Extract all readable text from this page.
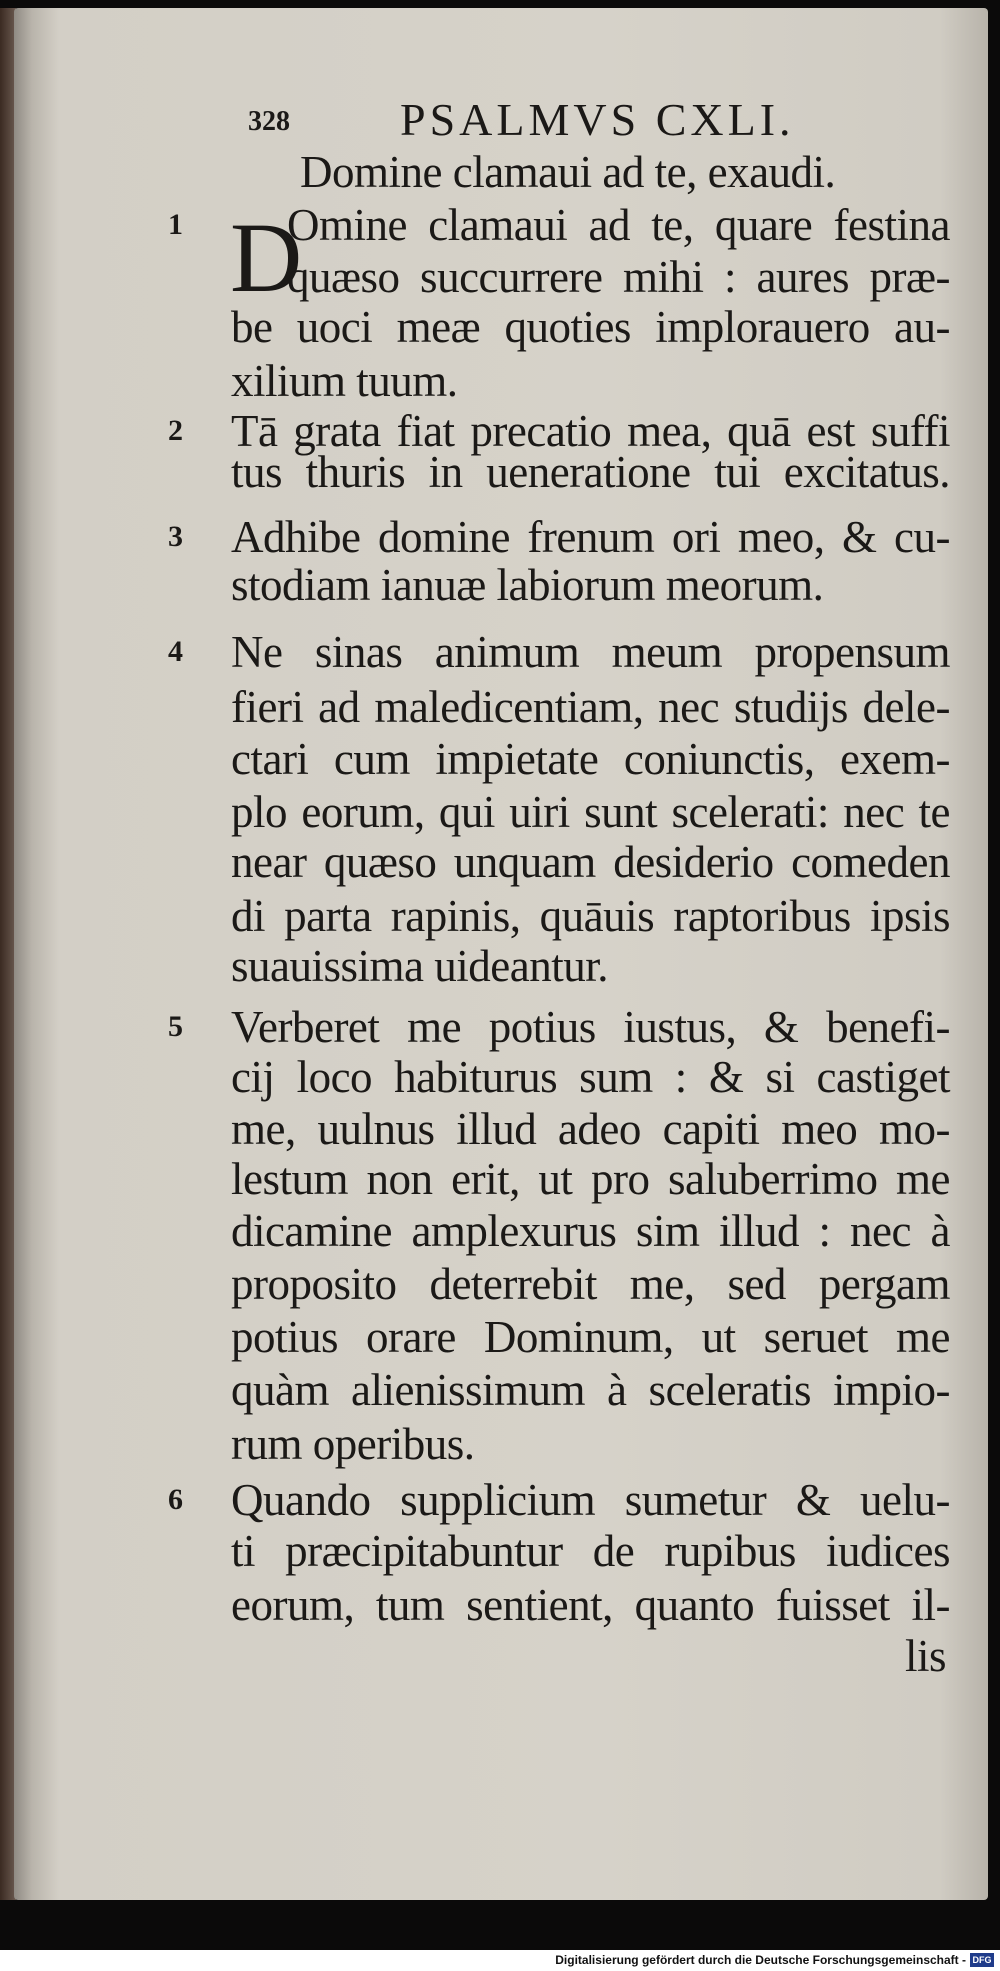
328 PSALMVS CXLI.
Domine clamaui ad te, exaudi.
D
1
2
3
4
5
6
Omine clamaui ad te, quare festina
quæso succurrere mihi : aures præ-
be uoci meæ quoties implorauero au-
xilium tuum.
Tā grata fiat precatio mea, quā est suffi
tus thuris in ueneratione tui excitatus.
Adhibe domine frenum ori meo, & cu-
stodiam ianuæ labiorum meorum.
Ne sinas animum meum propensum
fieri ad maledicentiam, nec studijs dele-
ctari cum impietate coniunctis, exem-
plo eorum, qui uiri sunt scelerati: nec te
near quæso unquam desiderio comeden
di parta rapinis, quāuis raptoribus ipsis
suauissima uideantur.
Verberet me potius iustus, & benefi-
cij loco habiturus sum : & si castiget
me, uulnus illud adeo capiti meo mo-
lestum non erit, ut pro saluberrimo me
dicamine amplexurus sim illud : nec à
proposito deterrebit me, sed pergam
potius orare Dominum, ut seruet me
quàm alienissimum à sceleratis impio-
rum operibus.
Quando supplicium sumetur & uelu-
ti præcipitabuntur de rupibus iudices
eorum, tum sentient, quanto fuisset il-
lis
Digitalisierung gefördert durch die Deutsche Forschungsgemeinschaft - DFG
